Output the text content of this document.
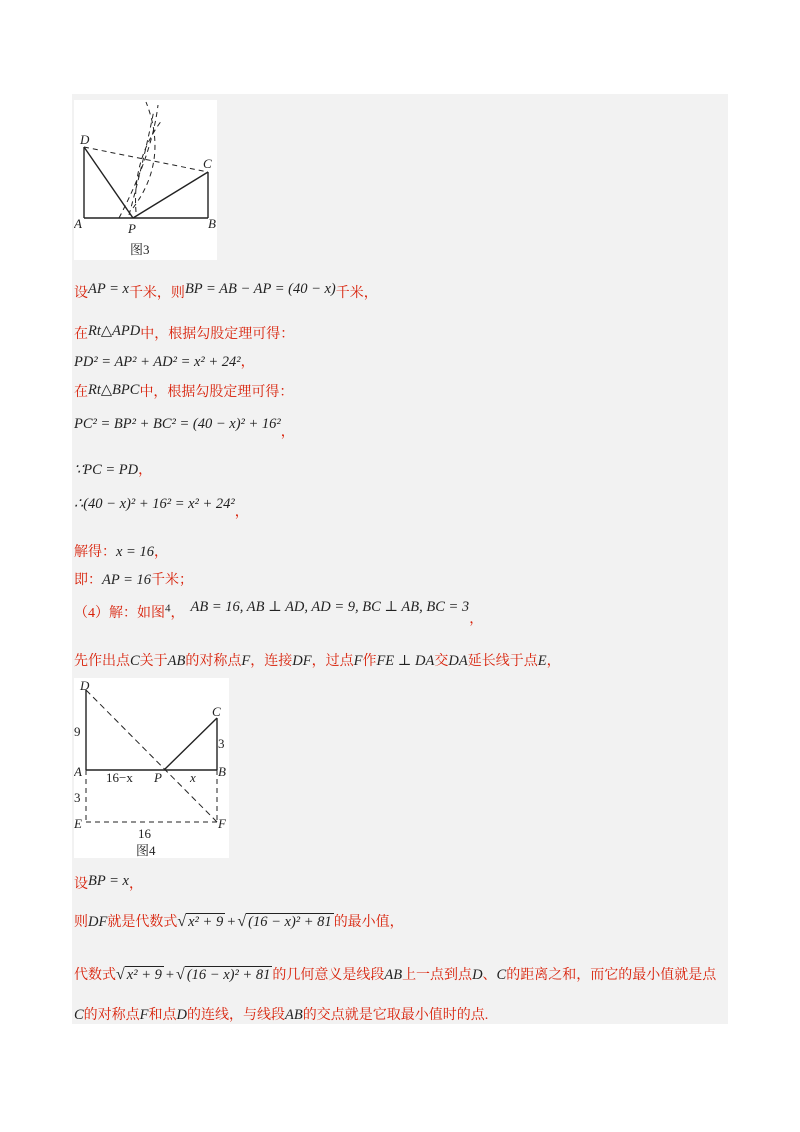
D
C
A	B
P
图3
设AP = x千米，则BP = AB − AP = (40 − x)千米，
在Rt△APD中，根据勾股定理可得：
PD² = AP² + AD² = x² + 24²，
在Rt△BPC中，根据勾股定理可得：
PC² = BP² + BC² = (40 − x)² + 16²，
∵PC = PD，
∴(40 − x)² + 16² = x² + 24²，
解得：x = 16，
即：AP = 16千米；
（4）解：如图$^4$， AB = 16, AB ⊥ AD, AD = 9, BC ⊥ AB, BC = 3，
先作出点C关于AB的对称点F，连接DF，过点F作FE ⊥ DA交DA延长线于点E，
D
C
A	B
P
E	F
9
3
3
16−x	x
16
图4
设BP = x，
则DF就是代数式√ x² + 9 + √ (16 − x)² + 81 的最小值，
代数式√ x² + 9 + √ (16 − x)² + 81 的几何意义是线段AB上一点到点D、C的距离之和，而它的最小值就是点
C的对称点F和点D的连线，与线段AB的交点就是它取最小值时的点.
